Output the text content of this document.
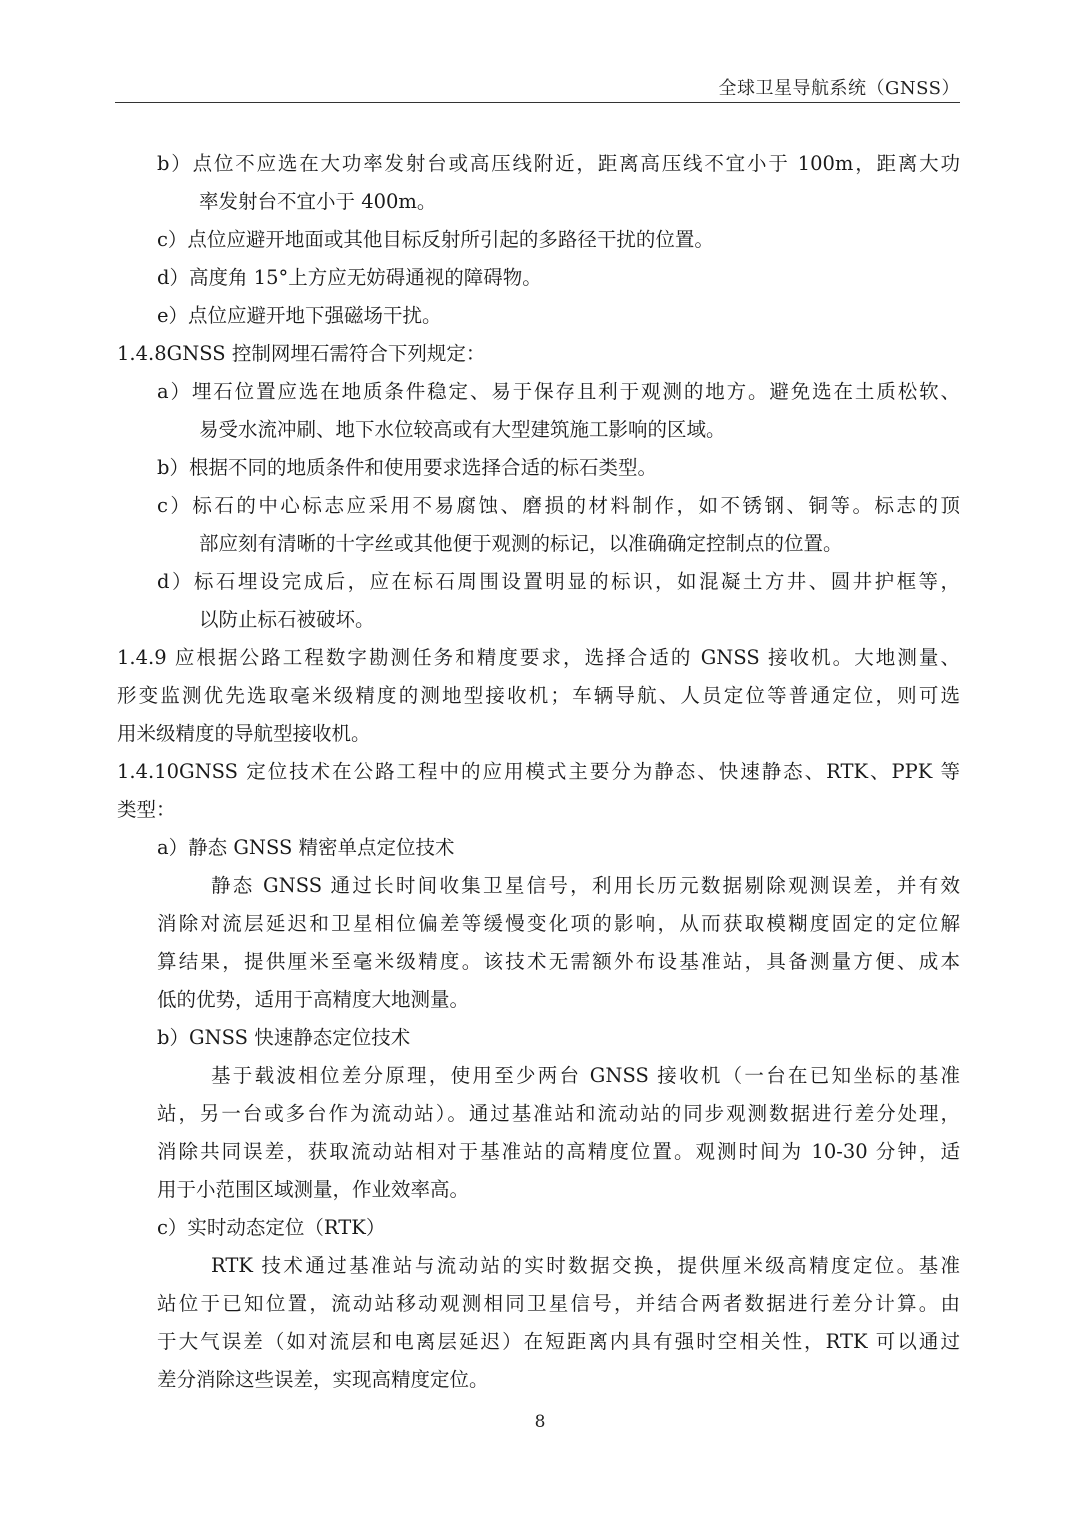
全球卫星导航系统（GNSS）
b）点位不应选在大功率发射台或高压线附近，距离高压线不宜小于 100m，距离大功
率发射台不宜小于 400m。
c）点位应避开地面或其他目标反射所引起的多路径干扰的位置。
d）高度角 15°上方应无妨碍通视的障碍物。
e）点位应避开地下强磁场干扰。
1.4.8GNSS 控制网埋石需符合下列规定：
a）埋石位置应选在地质条件稳定、易于保存且利于观测的地方。避免选在土质松软、
易受水流冲刷、地下水位较高或有大型建筑施工影响的区域。
b）根据不同的地质条件和使用要求选择合适的标石类型。
c）标石的中心标志应采用不易腐蚀、磨损的材料制作，如不锈钢、铜等。标志的顶
部应刻有清晰的十字丝或其他便于观测的标记，以准确确定控制点的位置。
d）标石埋设完成后，应在标石周围设置明显的标识，如混凝土方井、圆井护框等，
以防止标石被破坏。
1.4.9 应根据公路工程数字勘测任务和精度要求，选择合适的 GNSS 接收机。大地测量、
形变监测优先选取毫米级精度的测地型接收机；车辆导航、人员定位等普通定位，则可选
用米级精度的导航型接收机。
1.4.10GNSS 定位技术在公路工程中的应用模式主要分为静态、快速静态、RTK、PPK 等
类型：
a）静态 GNSS 精密单点定位技术
静态 GNSS 通过长时间收集卫星信号，利用长历元数据剔除观测误差，并有效
消除对流层延迟和卫星相位偏差等缓慢变化项的影响，从而获取模糊度固定的定位解
算结果，提供厘米至毫米级精度。该技术无需额外布设基准站，具备测量方便、成本
低的优势，适用于高精度大地测量。
b）GNSS 快速静态定位技术
基于载波相位差分原理，使用至少两台 GNSS 接收机（一台在已知坐标的基准
站，另一台或多台作为流动站）。通过基准站和流动站的同步观测数据进行差分处理，
消除共同误差，获取流动站相对于基准站的高精度位置。观测时间为 10-30 分钟，适
用于小范围区域测量，作业效率高。
c）实时动态定位（RTK）
RTK 技术通过基准站与流动站的实时数据交换，提供厘米级高精度定位。基准
站位于已知位置，流动站移动观测相同卫星信号，并结合两者数据进行差分计算。由
于大气误差（如对流层和电离层延迟）在短距离内具有强时空相关性，RTK 可以通过
差分消除这些误差，实现高精度定位。
8
